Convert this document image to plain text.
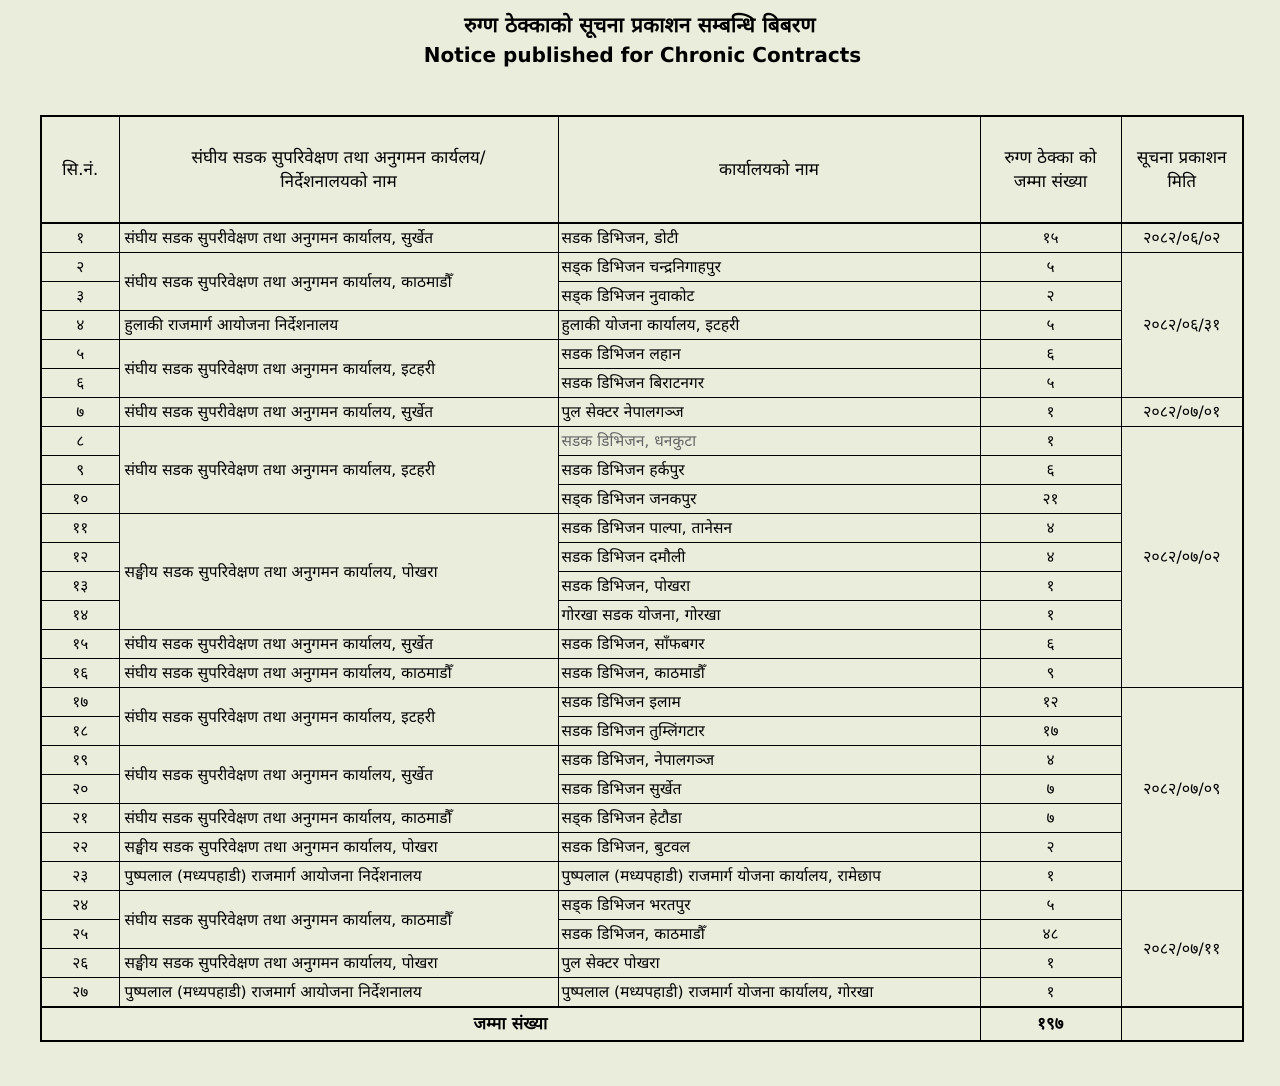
रुग्ण ठेक्काको सूचना प्रकाशन सम्बन्धि बिबरण
Notice published for Chronic Contracts
सि.नं.	संघीय सडक सुपरिवेक्षण तथा अनुगमन कार्यलय/निर्देशनालयको नाम	कार्यालयको नाम	रुग्ण ठेक्का को जम्मा संख्या	सूचना प्रकाशन मिति
१	संघीय सडक सुपरीवेक्षण तथा अनुगमन कार्यालय, सुर्खेत	सडक डिभिजन, डोटी	१५	२०८२/०६/०२
२	संघीय सडक सुपरिवेक्षण तथा अनुगमन कार्यालय, काठमाडौँ	सड्क डिभिजन चन्द्रनिगाहपुर	५	२०८२/०६/३१
३		सड्क डिभिजन नुवाकोट	२	
४	हुलाकी राजमार्ग आयोजना निर्देशनालय	हुलाकी योजना कार्यालय, इटहरी	५	
५	संघीय सडक सुपरिवेक्षण तथा अनुगमन कार्यालय, इटहरी	सडक डिभिजन लहान	६	
६		सडक डिभिजन बिराटनगर	५	
७	संघीय सडक सुपरीवेक्षण तथा अनुगमन कार्यालय, सुर्खेत	पुल सेक्टर नेपालगञ्ज	१	२०८२/०७/०१
८	संघीय सडक सुपरिवेक्षण तथा अनुगमन कार्यालय, इटहरी	सडक डिभिजन, धनकुटा	१	२०८२/०७/०२
९		सडक डिभिजन हर्कपुर	६	
१०		सड्क डिभिजन जनकपुर	२१	
११	सङ्घीय सडक सुपरिवेक्षण तथा अनुगमन कार्यालय, पोखरा	सडक डिभिजन पाल्पा, तानेसन	४	
१२		सडक डिभिजन दमौली	४	
१३		सडक डिभिजन, पोखरा	१	
१४		गोरखा सडक योजना, गोरखा	१	
१५	संघीय सडक सुपरीवेक्षण तथा अनुगमन कार्यालय, सुर्खेत	सडक डिभिजन, साँफबगर	६	
१६	संघीय सडक सुपरिवेक्षण तथा अनुगमन कार्यालय, काठमाडौँ	सडक डिभिजन, काठमाडौँ	९	
१७	संघीय सडक सुपरिवेक्षण तथा अनुगमन कार्यालय, इटहरी	सडक डिभिजन इलाम	१२	२०८२/०७/०९
१८		सडक डिभिजन तुम्लिंगटार	१७	
१९	संघीय सडक सुपरीवेक्षण तथा अनुगमन कार्यालय, सुर्खेत	सडक डिभिजन, नेपालगञ्ज	४	
२०		सडक डिभिजन सुर्खेत	७	
२१	संघीय सडक सुपरिवेक्षण तथा अनुगमन कार्यालय, काठमाडौँ	सड्क डिभिजन हेटौडा	७	
२२	सङ्घीय सडक सुपरिवेक्षण तथा अनुगमन कार्यालय, पोखरा	सडक डिभिजन, बुटवल	२	
२३	पुष्पलाल (मध्यपहाडी) राजमार्ग आयोजना निर्देशनालय	पुष्पलाल (मध्यपहाडी) राजमार्ग योजना कार्यालय, रामेछाप	१	
२४	संघीय सडक सुपरिवेक्षण तथा अनुगमन कार्यालय, काठमाडौँ	सड्क डिभिजन भरतपुर	५	२०८२/०७/११
२५		सडक डिभिजन, काठमाडौँ	४८	
२६	सङ्घीय सडक सुपरिवेक्षण तथा अनुगमन कार्यालय, पोखरा	पुल सेक्टर पोखरा	१	
२७	पुष्पलाल (मध्यपहाडी) राजमार्ग आयोजना निर्देशनालय	पुष्पलाल (मध्यपहाडी) राजमार्ग योजना कार्यालय, गोरखा	१	
जम्मा संख्या			१९७	
